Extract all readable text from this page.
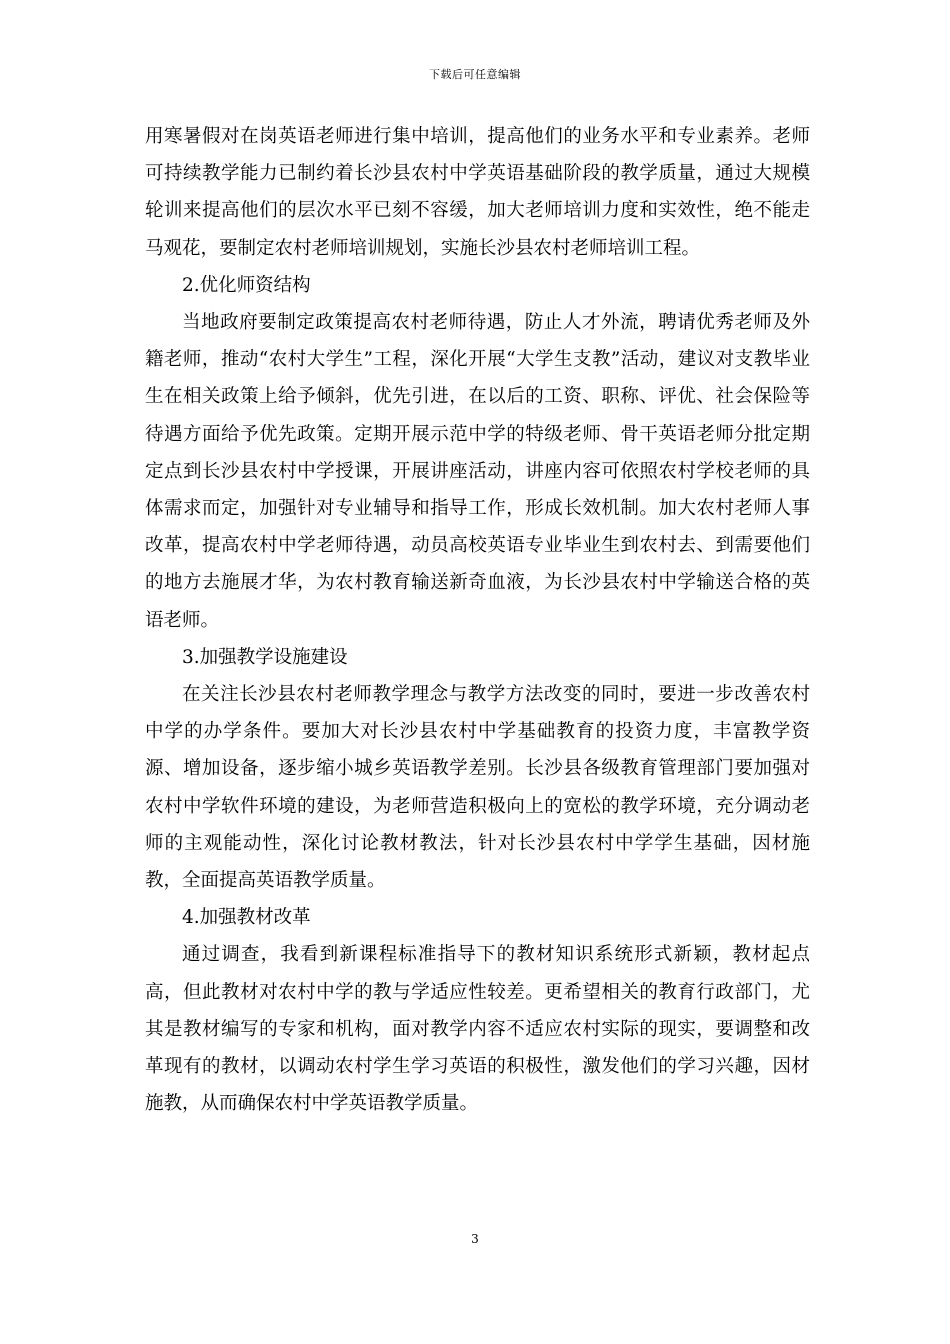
下载后可任意编辑

用寒暑假对在岗英语老师进行集中培训，提高他们的业务水平和专业素养。老师可持续教学能力已制约着长沙县农村中学英语基础阶段的教学质量，通过大规模轮训来提高他们的层次水平已刻不容缓，加大老师培训力度和实效性，绝不能走马观花，要制定农村老师培训规划，实施长沙县农村老师培训工程。

2.优化师资结构

当地政府要制定政策提高农村老师待遇，防止人才外流，聘请优秀老师及外籍老师，推动“农村大学生”工程，深化开展“大学生支教”活动，建议对支教毕业生在相关政策上给予倾斜，优先引进，在以后的工资、职称、评优、社会保险等待遇方面给予优先政策。定期开展示范中学的特级老师、骨干英语老师分批定期定点到长沙县农村中学授课，开展讲座活动，讲座内容可依照农村学校老师的具体需求而定，加强针对专业辅导和指导工作，形成长效机制。加大农村老师人事改革，提高农村中学老师待遇，动员高校英语专业毕业生到农村去、到需要他们的地方去施展才华，为农村教育输送新奇血液，为长沙县农村中学输送合格的英语老师。

3.加强教学设施建设

在关注长沙县农村老师教学理念与教学方法改变的同时，要进一步改善农村中学的办学条件。要加大对长沙县农村中学基础教育的投资力度，丰富教学资源、增加设备，逐步缩小城乡英语教学差别。长沙县各级教育管理部门要加强对农村中学软件环境的建设，为老师营造积极向上的宽松的教学环境，充分调动老师的主观能动性，深化讨论教材教法，针对长沙县农村中学学生基础，因材施教，全面提高英语教学质量。

4.加强教材改革

通过调查，我看到新课程标准指导下的教材知识系统形式新颖，教材起点高，但此教材对农村中学的教与学适应性较差。更希望相关的教育行政部门，尤其是教材编写的专家和机构，面对教学内容不适应农村实际的现实，要调整和改革现有的教材，以调动农村学生学习英语的积极性，激发他们的学习兴趣，因材施教，从而确保农村中学英语教学质量。

3
